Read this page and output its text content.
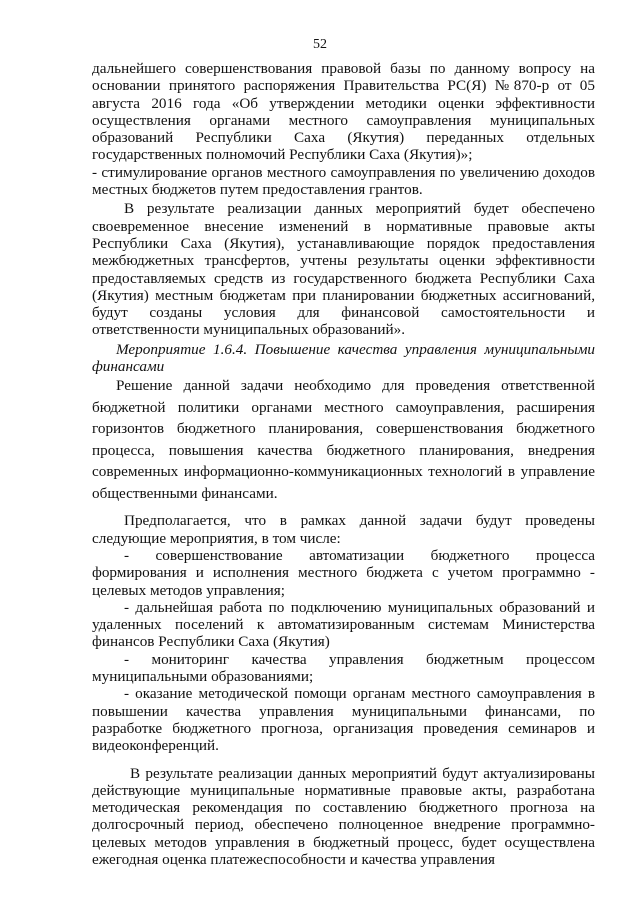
52

дальнейшего совершенствования правовой базы по данному вопросу на основании принятого распоряжения Правительства РС(Я) №870-р от 05 августа 2016 года «Об утверждении методики оценки эффективности осуществления органами местного самоуправления муниципальных образований Республики Саха (Якутия) переданных отдельных государственных полномочий Республики Саха (Якутия)»;

- стимулирование органов местного самоуправления по увеличению доходов местных бюджетов путем предоставления грантов.

В результате реализации данных мероприятий будет обеспечено своевременное внесение изменений в нормативные правовые акты Республики Саха (Якутия), устанавливающие порядок предоставления межбюджетных трансфертов, учтены результаты оценки эффективности предоставляемых средств из государственного бюджета Республики Саха (Якутия) местным бюджетам при планировании бюджетных ассигнований, будут созданы условия для финансовой самостоятельности и ответственности муниципальных образований».

Мероприятие 1.6.4. Повышение качества управления муниципальными финансами

Решение данной задачи необходимо для проведения ответственной бюджетной политики органами местного самоуправления, расширения горизонтов бюджетного планирования, совершенствования бюджетного процесса, повышения качества бюджетного планирования, внедрения современных информационно-коммуникационных технологий в управление общественными финансами.

Предполагается, что в рамках данной задачи будут проведены следующие мероприятия, в том числе:

- совершенствование автоматизации бюджетного процесса формирования и исполнения местного бюджета с учетом программно - целевых методов управления;

- дальнейшая работа по подключению муниципальных образований и удаленных поселений к автоматизированным системам Министерства финансов Республики Саха (Якутия)

- мониторинг качества управления бюджетным процессом муниципальными образованиями;

- оказание методической помощи органам местного самоуправления в повышении качества управления муниципальными финансами, по разработке бюджетного прогноза, организация проведения семинаров и видеоконференций.

В результате реализации данных мероприятий будут актуализированы действующие муниципальные нормативные правовые акты, разработана методическая рекомендация по составлению бюджетного прогноза на долгосрочный период, обеспечено полноценное внедрение программно-целевых методов управления в бюджетный процесс, будет осуществлена ежегодная оценка платежеспособности и качества управления
